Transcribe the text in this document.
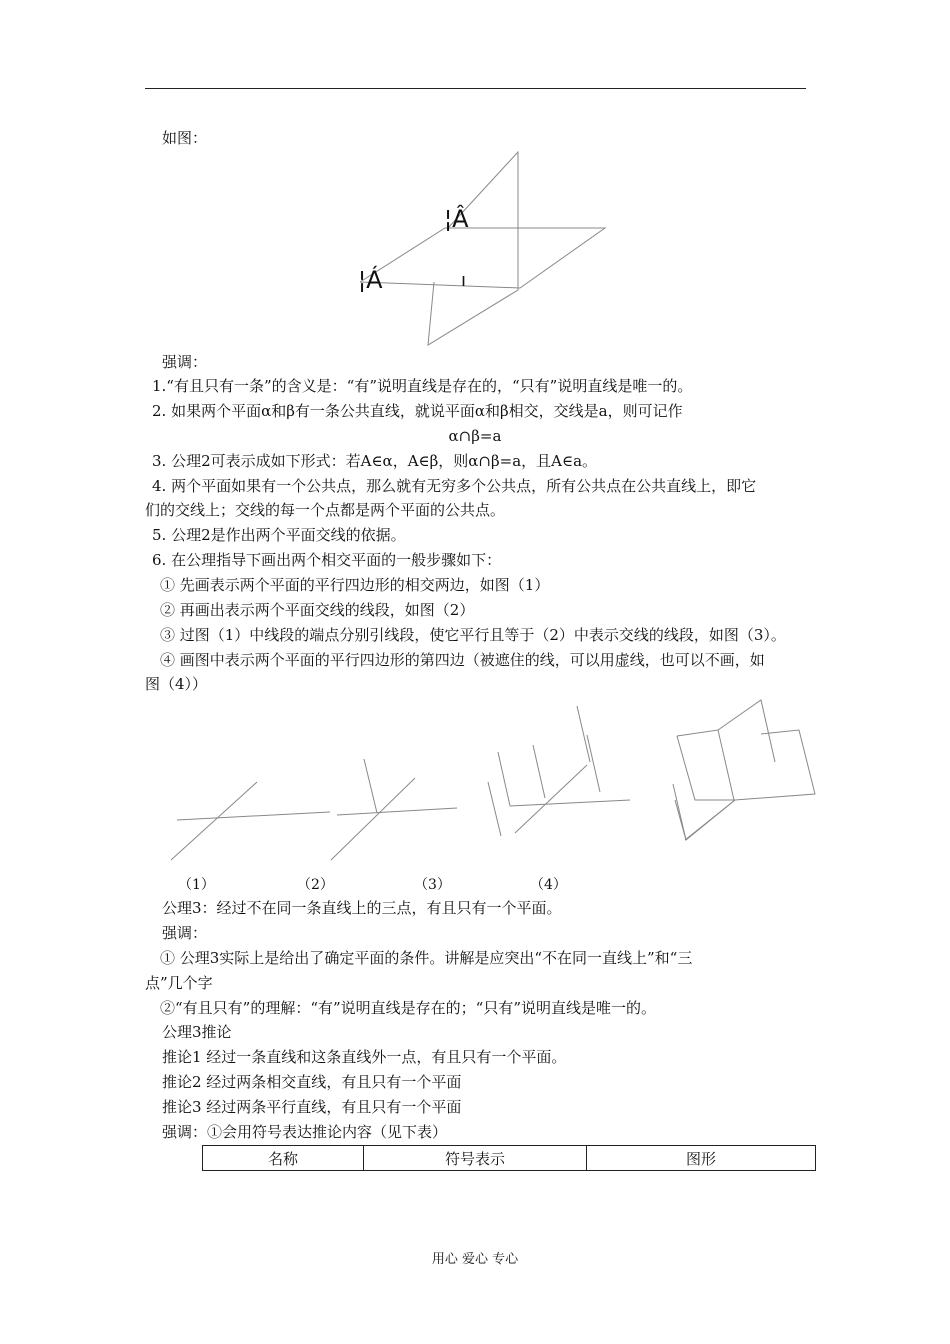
如图：
¦Â
¦Á	ı
强调：
1.“有且只有一条”的含义是：“有”说明直线是存在的，“只有”说明直线是唯一的。
2. 如果两个平面α和β有一条公共直线，就说平面α和β相交，交线是a，则可记作
α∩β=a
3. 公理2可表示成如下形式：若A∈α，A∈β，则α∩β=a，且A∈a。
4. 两个平面如果有一个公共点，那么就有无穷多个公共点，所有公共点在公共直线上，即它
们的交线上；交线的每一个点都是两个平面的公共点。
5. 公理2是作出两个平面交线的依据。
6. 在公理指导下画出两个相交平面的一般步骤如下：
① 先画表示两个平面的平行四边形的相交两边，如图（1）
② 再画出表示两个平面交线的线段，如图（2）
③ 过图（1）中线段的端点分别引线段，使它平行且等于（2）中表示交线的线段，如图（3）。
④ 画图中表示两个平面的平行四边形的第四边（被遮住的线，可以用虚线，也可以不画，如
图（4））
（1）	（2）	（3）	（4）
公理3：经过不在同一条直线上的三点，有且只有一个平面。
强调：
① 公理3实际上是给出了确定平面的条件。讲解是应突出“不在同一直线上”和“三
点”几个字
②“有且只有”的理解：“有”说明直线是存在的；“只有”说明直线是唯一的。
公理3推论
推论1 经过一条直线和这条直线外一点，有且只有一个平面。
推论2 经过两条相交直线，有且只有一个平面
推论3 经过两条平行直线，有且只有一个平面
强调：①会用符号表达推论内容（见下表）
名称	符号表示	图形
用心 爱心 专心
